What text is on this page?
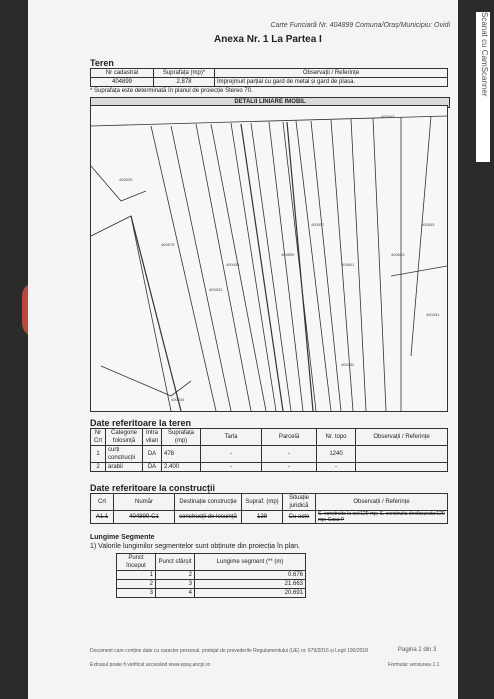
Scanat cu CamScanner
Carte Funciară Nr. 404899 Comuna/Oraș/Municipiu: Ovidi
Anexa Nr. 1 La Partea I
Teren
Nr cadastral	Suprafața (mp)*	Observații / Referințe
404899	2.878	Împrejmuit parțial cu gard de metal și gard de plasa.
* Suprafața este determinată în planul de proiecție Stereo 70.
DETALII LINIARE IMOBIL
404899
400543
400575
400433
400531
400623
400517
400529
404601
400533
400431
400432
400534
Date referitoare la teren
Nr Crt	Categorie folosință	Intra vilan	Suprafața (mp)	Tarla	Parcelă	Nr. topo	Observații / Referințe
1	curți construcții	DA	478	-	-	1240	
2	arabil	DA	2.400	-	-	-	
Date referitoare la construcții
Crt	Număr	Destinație construcție	Supraf. (mp)	Situație juridică	Observații / Referințe
A1.1	404899-C1	construcții de locuință	129	Cu acte	S. construita la sol:129 mp; S. construita desfasurata:129 mp; Casa P
Lungime Segmente
1) Valorile lungimilor segmentelor sunt obținute din proiecția în plan.
Punct început	Punct sfârșit	Lungime segment (** (m)
1	2	0.676
2	3	21.663
3	4	20.691
Document care conține date cu caracter personal, protejat de prevederile Regulamentului (UE) nr. 679/2016 și Legii 190/2018	Pagina 2 din 3
Extrasul poate fi verificat accesând www.epay.ancpi.ro	Formular versiunea 1.1
